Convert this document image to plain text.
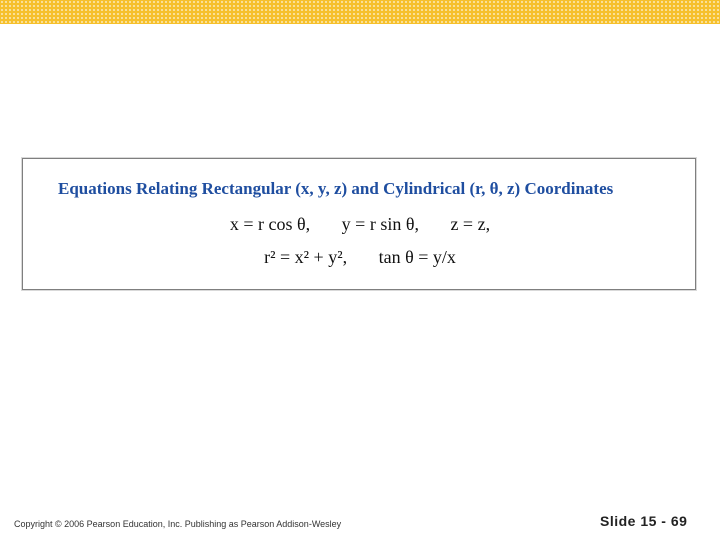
Equations Relating Rectangular (x, y, z) and Cylindrical (r, θ, z) Coordinates
x = r cos θ,       y = r sin θ,       z = z,
r² = x² + y²,       tan θ = y/x
Copyright © 2006 Pearson Education, Inc. Publishing as Pearson Addison-Wesley	Slide 15 - 69
